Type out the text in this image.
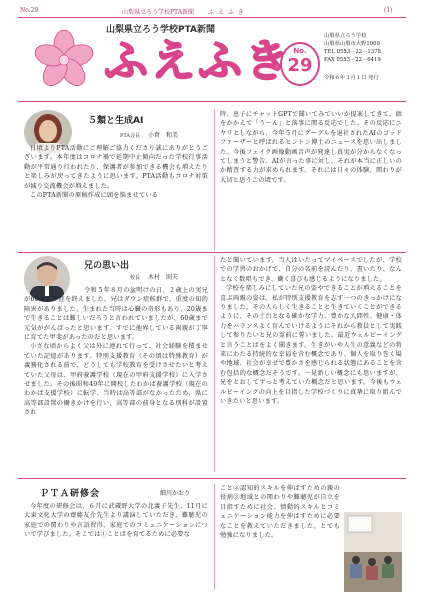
No.29	山梨県立ろう学校PTA新聞 ふ え ふ き	(1)
山梨県立ろう学校PTA新聞
ふえふき No.
29
山梨県立ろう学校
山梨県山梨市大野1009
TEL 0553－22－1378
FAX 0553－22－6419
令和６年３月１日 発行
５類と生成AI
PTA会長 小倉　和美

日頃よりPTA活動にご理解ご協力くださり誠にありがとうございます。本年度はコロナ禍で延期中止傾向だった学校行事活動が平常通り行われたり、保護者が参加できる機会も増えたりと楽しみが戻ってきたように思います。PTA活動もコロナ対策が減り交流機会が増えました。

このPTA新聞の原稿作成に頭を悩ませている

時、息子にチャットGPTで聞いてみていいか提案してきて、頭をかかえて「う～ん」と落事に関る反応でした。その反応にニヤリとしながら、今年５月にグーグルを退社されたAIのゴッドファーザーと呼ばれるヒントン博士のニュースを思い出しました。今後フェイク画像動画音声が発達し真実が分からなくなってしまうと警告。AIが言った事に対し、それが本当に正しいのか精査する力が求められます。それには日々の体験、関わりが大切と思うこの頃です。

兄の思い出
校長 木村　則夫

令和５年８月の盆明けの日、２歳上の実兄が60歳の生涯を終えました。兄はダウン症候群で、重度の知的障害がありました。生まれた当時は心臓の奇形もあり、20歳まで生きることは難しいだろうと言われていましたが、60歳まで元気ががんばったと思います。すでに他界している両親が丁寧に育てた甲斐があったのだと思います。

小さな頃からよく父は外に連れて行って、社会経験を積ませていた記憶があります。特別支援教育（その頃は特殊教育）が義務化される前で、どうしても学校教育を受けさせたいと考えていた父母は、甲府養護学校（現在の甲府支援学校）に入学させました。その後昭和49年に開校したわかば養護学校（現在のわかば支援学校）に転学、当時は高等部がなかったため、県に高等部設置の働きかけを行い、高等部の前身となる別科が設置され

たと聞いています。当人はいたってマイペースでしたが、学校での学習のおかげで、自分の名前を読んだり、書いたり、なんとなく数唱もでき、働く喜びも感じるようになりました。

学校を楽しみにしていた兄の姿やできることが増えることを喜ぶ両親の姿は、私が特別支援教育を志す一つのきっかけになりました。その人らしく生きることと生きていくことができるように、その土台となる確かな学力、豊かな人間性、健康・体力をバランスよく育んでいけるようにそれから教員として実践して参りたいと兄の霊前に誓いました。最近ウェルビーイングと言うことばをよく聞きます。生きがいや人生の意義などの将来にわたる持続的な幸福を含む概念であり、個人を取り巻く場や地域、社会が幸せで豊かさを感じられる状態にあることを含む包括的な概念だそうです。一見新しい概念にも思いますが、兄をとおしてずっと考えていた概念だと思います。今後もウェルビーイングの向上を目指した学校づくりに真摯に取り組んでいきたいと思います。

ＰＴＡ研修会	細川かおり

今年度の研修会は、６月に武蔵野大学の北義子先生、11月に大東文化大学の齋藤友介先生より講演していただき、難聴児の家庭での関わりや言語習得、家庭でのコミュニケーションについて学びました。そこでは①ことばを育てるために必要な

こと②認知的スキルを伸ばすための親の役割③地域との関わりや難聴児が自立を目指すために社会、情動的スキルとコミュニケーション能力を伸ばすために必要なことを教えていただきました。とても勉強になりました。
